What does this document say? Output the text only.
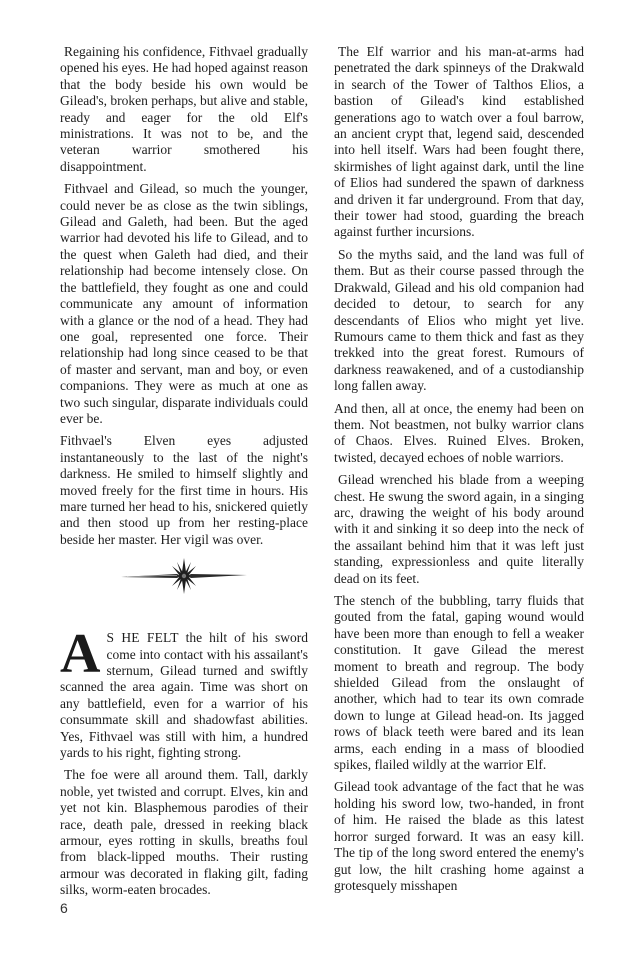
Regaining his confidence, Fithvael gradually opened his eyes. He had hoped against reason that the body beside his own would be Gilead's, broken perhaps, but alive and stable, ready and eager for the old Elf's ministrations. It was not to be, and the veteran warrior smothered his disappointment.

Fithvael and Gilead, so much the younger, could never be as close as the twin siblings, Gilead and Galeth, had been. But the aged warrior had devoted his life to Gilead, and to the quest when Galeth had died, and their relationship had become intensely close. On the battlefield, they fought as one and could communicate any amount of information with a glance or the nod of a head. They had one goal, represented one force. Their relationship had long since ceased to be that of master and servant, man and boy, or even companions. They were as much at one as two such singular, disparate individuals could ever be.

Fithvael's Elven eyes adjusted instantaneously to the last of the night's darkness. He smiled to himself slightly and moved freely for the first time in hours. His mare turned her head to his, snickered quietly and then stood up from her resting-place beside her master. Her vigil was over.

A S HE FELT the hilt of his sword come into contact with his assailant's sternum, Gilead turned and swiftly scanned the area again. Time was short on any battlefield, even for a warrior of his consummate skill and shadowfast abilities. Yes, Fithvael was still with him, a hundred yards to his right, fighting strong.

The foe were all around them. Tall, darkly noble, yet twisted and corrupt. Elves, kin and yet not kin. Blasphemous parodies of their race, death pale, dressed in reeking black armour, eyes rotting in skulls, breaths foul from black-lipped mouths. Their rusting armour was decorated in flaking gilt, fading silks, worm-eaten brocades.

The Elf warrior and his man-at-arms had penetrated the dark spinneys of the Drakwald in search of the Tower of Talthos Elios, a bastion of Gilead's kind established generations ago to watch over a foul barrow, an ancient crypt that, legend said, descended into hell itself. Wars had been fought there, skirmishes of light against dark, until the line of Elios had sundered the spawn of darkness and driven it far underground. From that day, their tower had stood, guarding the breach against further incursions.

So the myths said, and the land was full of them. But as their course passed through the Drakwald, Gilead and his old companion had decided to detour, to search for any descendants of Elios who might yet live. Rumours came to them thick and fast as they trekked into the great forest. Rumours of darkness reawakened, and of a custodianship long fallen away.

And then, all at once, the enemy had been on them. Not beastmen, not bulky warrior clans of Chaos. Elves. Ruined Elves. Broken, twisted, decayed echoes of noble warriors.

Gilead wrenched his blade from a weeping chest. He swung the sword again, in a singing arc, drawing the weight of his body around with it and sinking it so deep into the neck of the assailant behind him that it was left just standing, expressionless and quite literally dead on its feet.

The stench of the bubbling, tarry fluids that gouted from the fatal, gaping wound would have been more than enough to fell a weaker constitution. It gave Gilead the merest moment to breath and regroup. The body shielded Gilead from the onslaught of another, which had to tear its own comrade down to lunge at Gilead head-on. Its jagged rows of black teeth were bared and its lean arms, each ending in a mass of bloodied spikes, flailed wildly at the warrior Elf.

Gilead took advantage of the fact that he was holding his sword low, two-handed, in front of him. He raised the blade as this latest horror surged forward. It was an easy kill. The tip of the long sword entered the enemy's gut low, the hilt crashing home against a grotesquely misshapen

6
